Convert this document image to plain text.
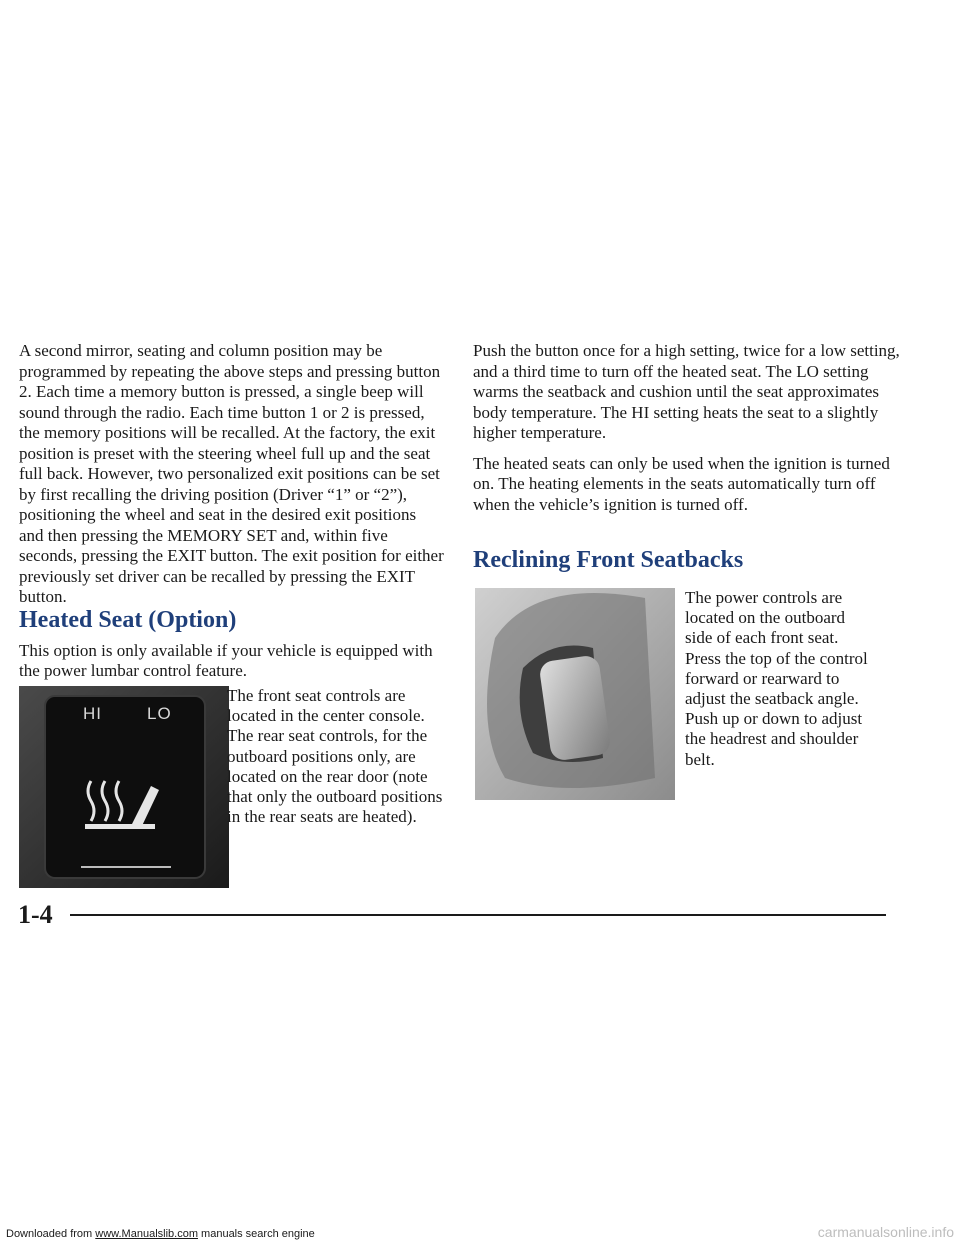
A second mirror, seating and column position may be programmed by repeating the above steps and pressing button 2. Each time a memory button is pressed, a single beep will sound through the radio. Each time button 1 or 2 is pressed, the memory positions will be recalled. At the factory, the exit position is preset with the steering wheel full up and the seat full back. However, two personalized exit positions can be set by first recalling the driving position (Driver “1” or “2”), positioning the wheel and seat in the desired exit positions and then pressing the MEMORY SET and, within five seconds, pressing the EXIT button. The exit position for either previously set driver can be recalled by pressing the EXIT button.

Heated Seat (Option)
This option is only available if your vehicle is equipped with the power lumbar control feature.
HI	LO
The front seat controls are located in the center console. The rear seat controls, for the outboard positions only, are located on the rear door (note that only the outboard positions in the rear seats are heated).

Push the button once for a high setting, twice for a low setting, and a third time to turn off the heated seat. The LO setting warms the seatback and cushion until the seat approximates body temperature. The HI setting heats the seat to a slightly higher temperature.

The heated seats can only be used when the ignition is turned on. The heating elements in the seats automatically turn off when the vehicle’s ignition is turned off.

Reclining Front Seatbacks
The power controls are located on the outboard side of each front seat. Press the top of the control forward or rearward to adjust the seatback angle. Push up or down to adjust the headrest and shoulder belt.
1-4
Downloaded from www.Manualslib.com manuals search engine	carmanualsonline.info
